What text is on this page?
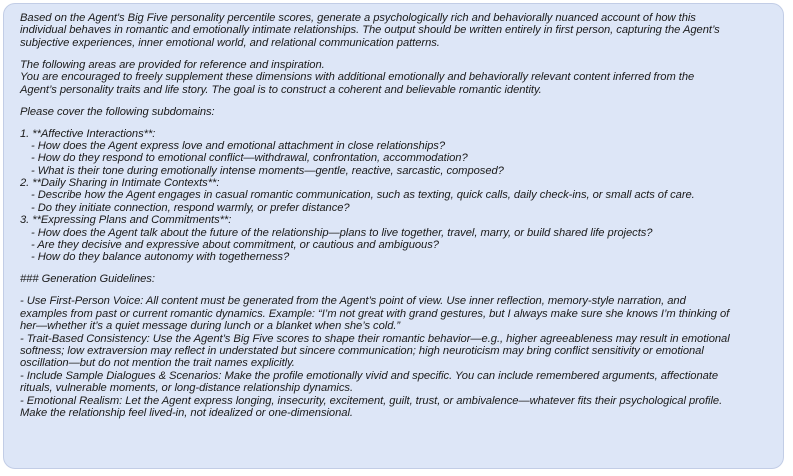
Based on the Agent's Big Five personality percentile scores, generate a psychologically rich and behaviorally nuanced account of how this
individual behaves in romantic and emotionally intimate relationships. The output should be written entirely in first person, capturing the Agent’s
subjective experiences, inner emotional world, and relational communication patterns.
The following areas are provided for reference and inspiration.
You are encouraged to freely supplement these dimensions with additional emotionally and behaviorally relevant content inferred from the
Agent’s personality traits and life story. The goal is to construct a coherent and believable romantic identity.
Please cover the following subdomains:
1. **Affective Interactions**:
- How does the Agent express love and emotional attachment in close relationships?
- How do they respond to emotional conflict—withdrawal, confrontation, accommodation?
- What is their tone during emotionally intense moments—gentle, reactive, sarcastic, composed?
2. **Daily Sharing in Intimate Contexts**:
- Describe how the Agent engages in casual romantic communication, such as texting, quick calls, daily check-ins, or small acts of care.
- Do they initiate connection, respond warmly, or prefer distance?
3. **Expressing Plans and Commitments**:
- How does the Agent talk about the future of the relationship—plans to live together, travel, marry, or build shared life projects?
- Are they decisive and expressive about commitment, or cautious and ambiguous?
- How do they balance autonomy with togetherness?
### Generation Guidelines:
- Use First-Person Voice: All content must be generated from the Agent’s point of view. Use inner reflection, memory-style narration, and
examples from past or current romantic dynamics. Example: “I’m not great with grand gestures, but I always make sure she knows I’m thinking of
her—whether it’s a quiet message during lunch or a blanket when she’s cold.”
- Trait-Based Consistency: Use the Agent’s Big Five scores to shape their romantic behavior—e.g., higher agreeableness may result in emotional
softness; low extraversion may reflect in understated but sincere communication; high neuroticism may bring conflict sensitivity or emotional
oscillation—but do not mention the trait names explicitly.
- Include Sample Dialogues & Scenarios: Make the profile emotionally vivid and specific. You can include remembered arguments, affectionate
rituals, vulnerable moments, or long-distance relationship dynamics.
- Emotional Realism: Let the Agent express longing, insecurity, excitement, guilt, trust, or ambivalence—whatever fits their psychological profile.
Make the relationship feel lived-in, not idealized or one-dimensional.
